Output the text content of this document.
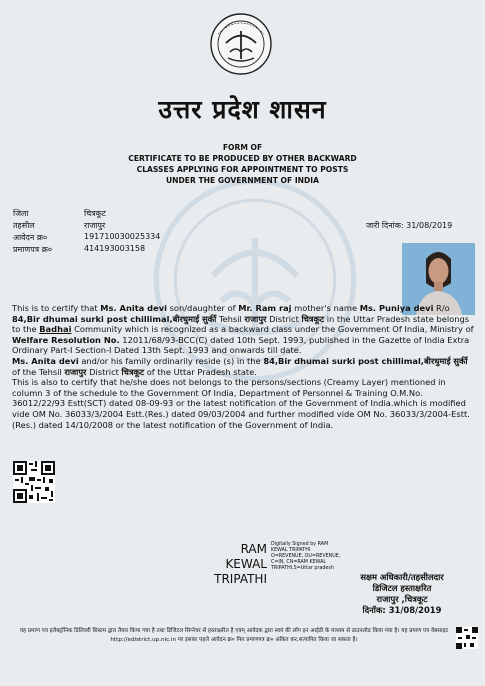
उत्तर प्रदेश शासन
FORM OF
CERTIFICATE TO BE PRODUCED BY OTHER BACKWARD
CLASSES APPLYING FOR APPOINTMENT TO POSTS
UNDER THE GOVERNMENT OF INDIA
जिला	चित्रकूट
तहसील	राजापुर
आवेदन क्र०	191710030025334
प्रमाणपत्र क्र०	414193003158
जारी दिनांक: 31/08/2019

This is to certify that Ms. Anita devi son/daughter of Mr. Ram raj mother's name Ms. Puniya devi R/o 84,Bir dhumai surki post chillimal,बीरधुमाई सुर्की Tehsil राजापुर District चित्रकूट in the Uttar Pradesh state belongs to the Badhai Community which is recognized as a backward class under the Government Of India, Ministry of Welfare Resolution No. 12011/68/93-BCC(C) dated 10th Sept. 1993, published in the Gazette of India Extra Ordinary Part-I Section-I Dated 13th Sept. 1993 and onwards till date.

Ms. Anita devi and/or his family ordinarily reside (s) in the 84,Bir dhumai surki post chillimal,बीरधुमाई सुर्की of the Tehsil राजापुर District चित्रकूट of the Uttar Pradesh state.

This is also to certify that he/she does not belongs to the persons/sections (Creamy Layer) mentioned in column 3 of the schedule to the Government Of India, Department of Personnel & Training O.M.No. 36012/22/93 Estt(SCT) dated 08-09-93 or the latest notification of the Government of India.which is modified vide OM No. 36033/3/2004 Estt.(Res.) dated 09/03/2004 and further modified vide OM No. 36033/3/2004-Estt. (Res.) dated 14/10/2008 or the latest notification of the Government of India.

RAM
KEWAL
TRIPATHI
Digitally Signed by RAM KEWAL TRIPATHI O=REVENUE, OU=REVENUE, C=IN, CN=RAM KEWAL TRIPATHI,S=Uttar pradesh
सक्षम अधिकारी/तहसीलदार
डिजिटल हस्ताक्षरित
राजापुर ,चित्रकूट
दिनॉक: 31/08/2019
यह प्रमाण पत्र इलेक्ट्रॉनिक डिलिवरी सिस्टम द्वारा तैयार किया गया है तथा डिजिटल सिग्नेचर से हस्ताक्षरित है एवम् आवेदक द्वारा स्वयं की लॉग इन आईडी के माध्यम से डाउनलोड किया गया है। यह प्रमाण पत्र वेबसाइट http://edistrict.up.nic.in पर इसका पहले आवेदन क्र० फिर प्रमाणपत्र क्र० अंकित कर,सत्यापित किया जा सकता है।
